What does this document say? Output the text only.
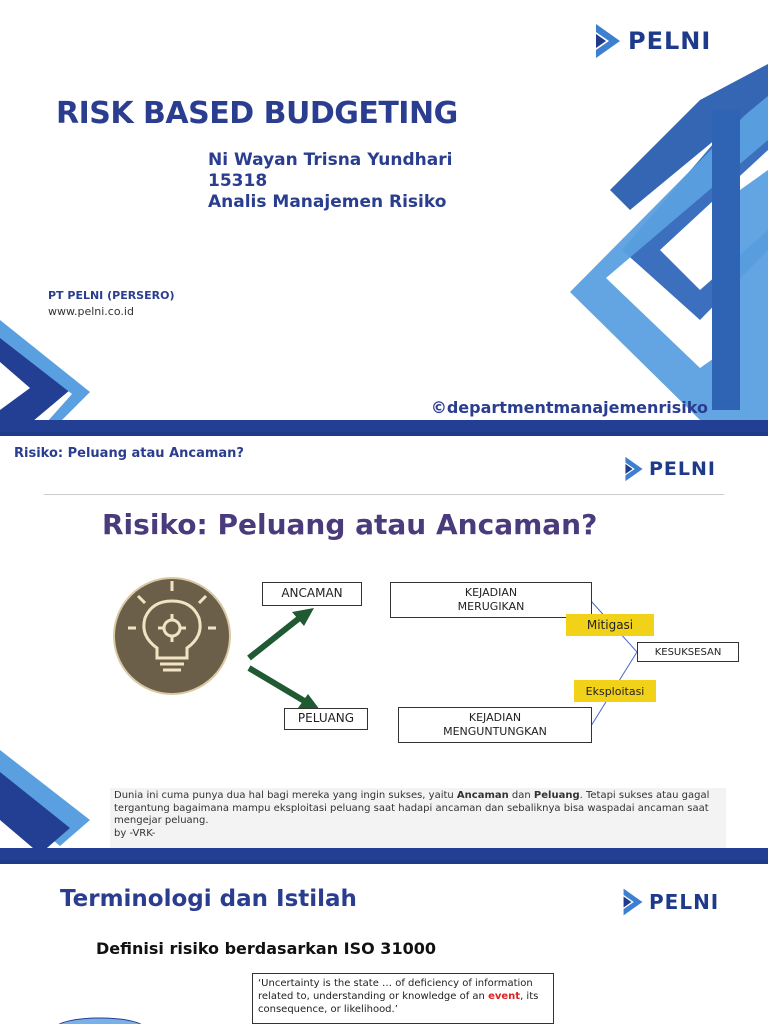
PELNI
RISK BASED BUDGETING
Ni Wayan Trisna Yundhari
15318
Analis Manajemen Risiko
PT PELNI (PERSERO)
www.pelni.co.id
©departmentmanajemenrisiko
Risiko: Peluang atau Ancaman?
PELNI
Risiko: Peluang atau Ancaman?
ANCAMAN
PELUANG
KEJADIAN
MERUGIKAN
KEJADIAN
MENGUNTUNGKAN
Mitigasi
Eksploitasi
KESUKSESAN
Dunia ini cuma punya dua hal bagi mereka yang ingin sukses, yaitu Ancaman dan Peluang. Tetapi sukses atau gagal tergantung bagaimana mampu eksploitasi peluang saat hadapi ancaman dan sebaliknya bisa waspadai ancaman saat mengejar peluang.
by -VRK-
Terminologi dan Istilah	PELNI
Definisi risiko berdasarkan ISO 31000
‘Uncertainty is the state … of deficiency of information related to, understanding or knowledge of an event, its consequence, or likelihood.’
